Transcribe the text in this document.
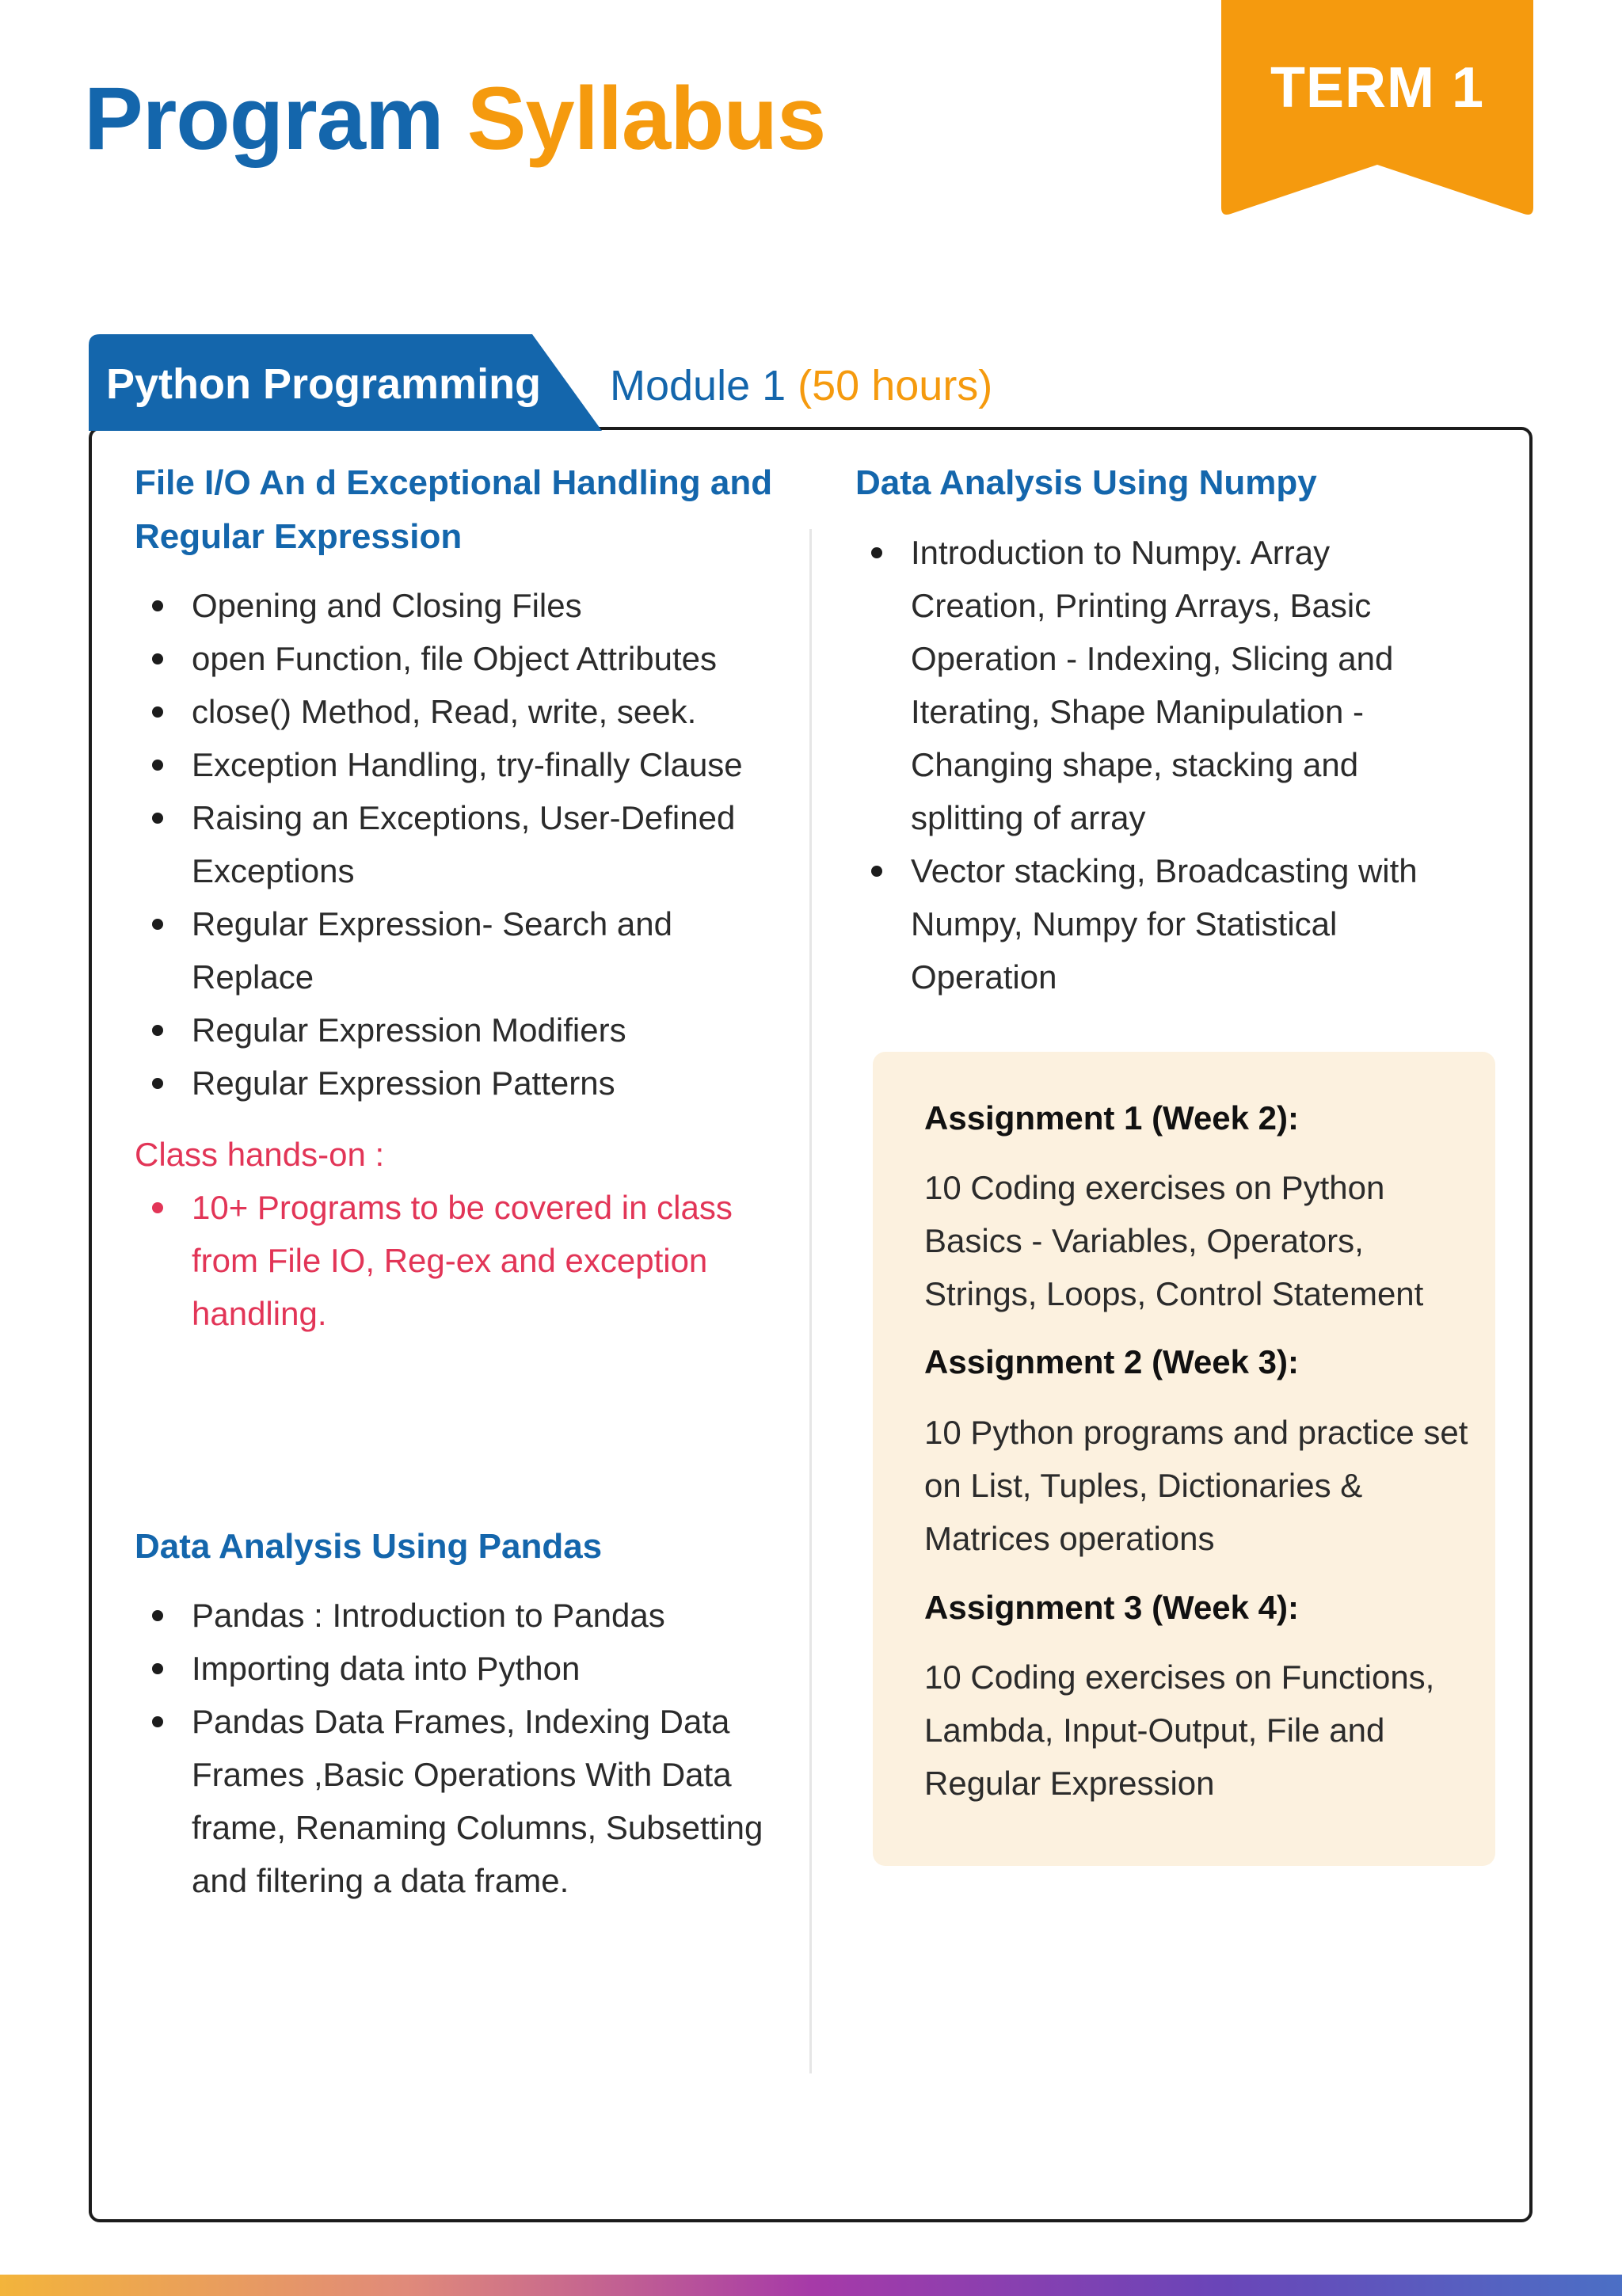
Program Syllabus	TERM 1
Python Programming Module 1 (50 hours)
File I/O An d Exceptional Handling and
Regular Expression
Opening and Closing Files
open Function, file Object Attributes
close() Method, Read, write, seek.
Exception Handling, try-finally Clause
Raising an Exceptions, User-Defined Exceptions
Regular Expression- Search and Replace
Regular Expression Modifiers
Regular Expression Patterns
Class hands-on :
10+ Programs to be covered in class from File IO, Reg-ex and exception handling.
Data Analysis Using Pandas
Pandas : Introduction to Pandas
Importing data into Python
Pandas Data Frames, Indexing Data Frames ,Basic Operations With Data frame, Renaming Columns, Subsetting and filtering a data frame.
Data Analysis Using Numpy
Introduction to Numpy. Array Creation, Printing Arrays, Basic Operation - Indexing, Slicing and Iterating, Shape Manipulation - Changing shape, stacking and splitting of array
Vector stacking, Broadcasting with Numpy, Numpy for Statistical Operation
Assignment 1 (Week 2):
10 Coding exercises on Python Basics - Variables, Operators, Strings, Loops, Control Statement
Assignment 2 (Week 3):
10 Python programs and practice set on List, Tuples, Dictionaries & Matrices operations
Assignment 3 (Week 4):
10 Coding exercises on Functions, Lambda, Input-Output, File and Regular Expression
